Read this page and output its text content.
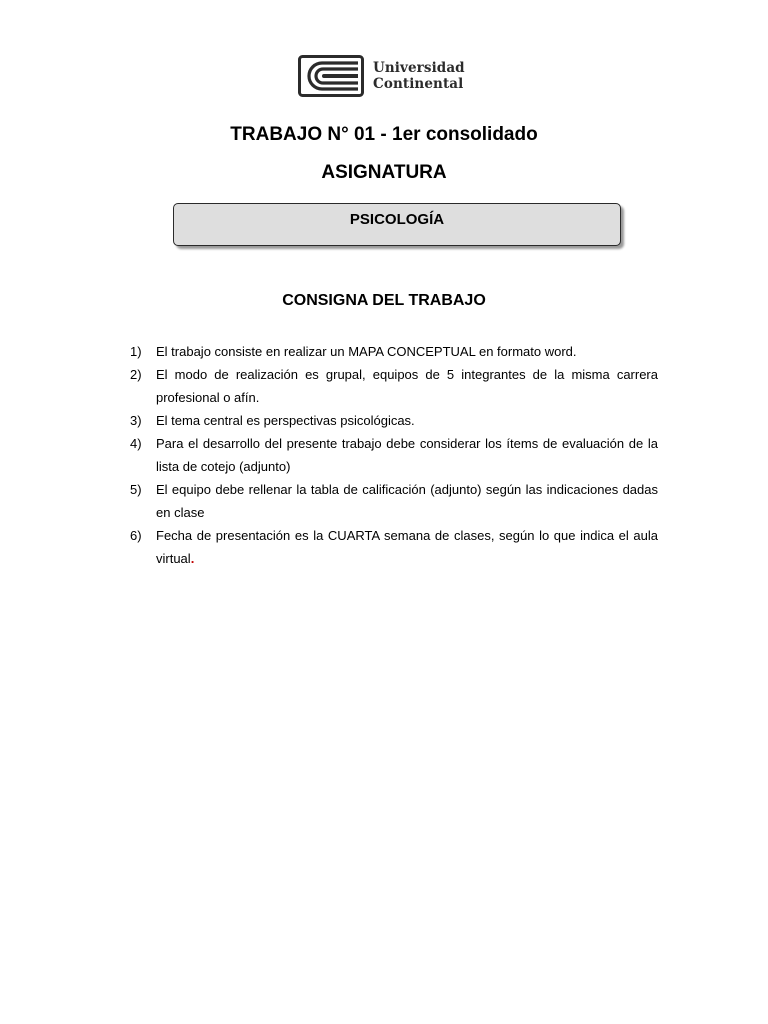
Universidad
Continental
TRABAJO N° 01 - 1er consolidado
ASIGNATURA
PSICOLOGÍA
CONSIGNA DEL TRABAJO
1)	El trabajo consiste en realizar un MAPA CONCEPTUAL en formato word.
2)	El modo de realización es grupal, equipos de 5 integrantes de la misma carrera profesional o afín.
3)	El tema central es perspectivas psicológicas.
4)	Para el desarrollo del presente trabajo debe considerar los ítems de evaluación de la lista de cotejo (adjunto)
5)	El equipo debe rellenar la tabla de calificación (adjunto) según las indicaciones dadas en clase
6)	Fecha de presentación es la CUARTA semana de clases, según lo que indica el aula virtual.
